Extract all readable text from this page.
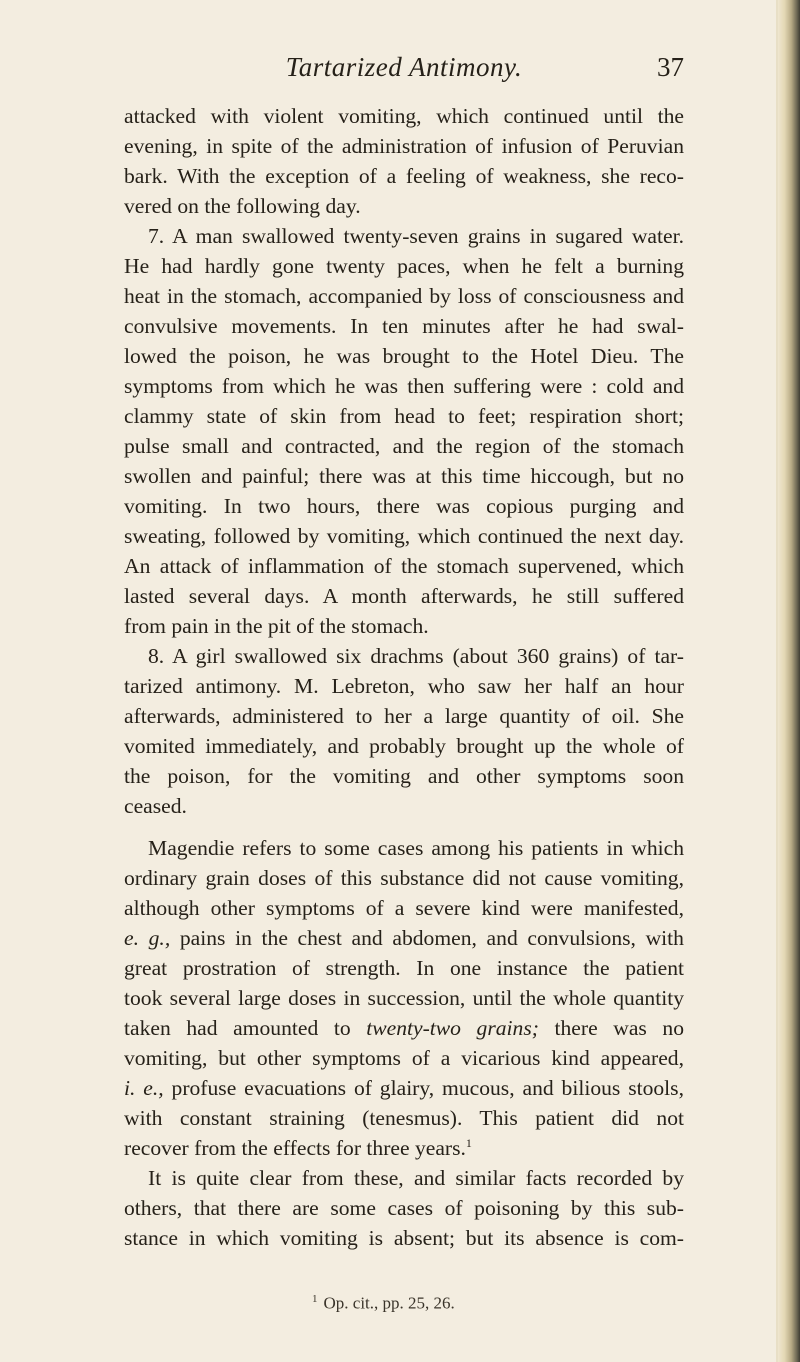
Tartarized Antimony.	37
attacked with violent vomiting, which continued until the
evening, in spite of the administration of infusion of Peruvian
bark. With the exception of a feeling of weakness, she reco-
vered on the following day.
7. A man swallowed twenty-seven grains in sugared water.
He had hardly gone twenty paces, when he felt a burning
heat in the stomach, accompanied by loss of consciousness and
convulsive movements. In ten minutes after he had swal-
lowed the poison, he was brought to the Hotel Dieu. The
symptoms from which he was then suffering were : cold and
clammy state of skin from head to feet; respiration short;
pulse small and contracted, and the region of the stomach
swollen and painful; there was at this time hiccough, but no
vomiting. In two hours, there was copious purging and
sweating, followed by vomiting, which continued the next day.
An attack of inflammation of the stomach supervened, which
lasted several days. A month afterwards, he still suffered
from pain in the pit of the stomach.
8. A girl swallowed six drachms (about 360 grains) of tar-
tarized antimony. M. Lebreton, who saw her half an hour
afterwards, administered to her a large quantity of oil. She
vomited immediately, and probably brought up the whole of
the poison, for the vomiting and other symptoms soon
ceased.
Magendie refers to some cases among his patients in which
ordinary grain doses of this substance did not cause vomiting,
although other symptoms of a severe kind were manifested,
e. g., pains in the chest and abdomen, and convulsions, with
great prostration of strength. In one instance the patient
took several large doses in succession, until the whole quantity
taken had amounted to twenty-two grains; there was no
vomiting, but other symptoms of a vicarious kind appeared,
i. e., profuse evacuations of glairy, mucous, and bilious stools,
with constant straining (tenesmus). This patient did not
recover from the effects for three years.$^1$
It is quite clear from these, and similar facts recorded by
others, that there are some cases of poisoning by this sub-
stance in which vomiting is absent; but its absence is com-
$^1$ Op. cit., pp. 25, 26.
